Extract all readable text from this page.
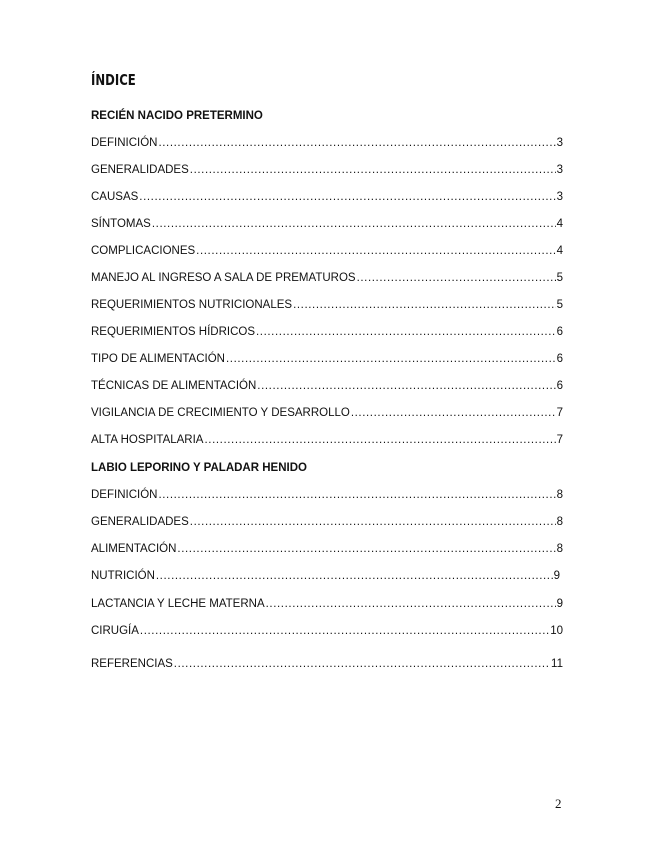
ÍNDICE
RECIÉN NACIDO PRETERMINO
DEFINICIÓN .....	3
GENERALIDADES .....	3
CAUSAS .....	3
SÍNTOMAS .....	4
COMPLICACIONES .....	4
MANEJO AL INGRESO A SALA DE PREMATUROS .....	5
REQUERIMIENTOS NUTRICIONALES .....	5
REQUERIMIENTOS HÍDRICOS .....	6
TIPO DE ALIMENTACIÓN .....	6
TÉCNICAS DE ALIMENTACIÓN .....	6
VIGILANCIA DE CRECIMIENTO Y DESARROLLO .....	7
ALTA HOSPITALARIA .....	7
LABIO LEPORINO Y PALADAR HENIDO
DEFINICIÓN .....	8
GENERALIDADES .....	8
ALIMENTACIÓN .....	8
NUTRICIÓN .....	9
LACTANCIA Y LECHE MATERNA .....	9
CIRUGÍA .....	10
REFERENCIAS .....	11
2
